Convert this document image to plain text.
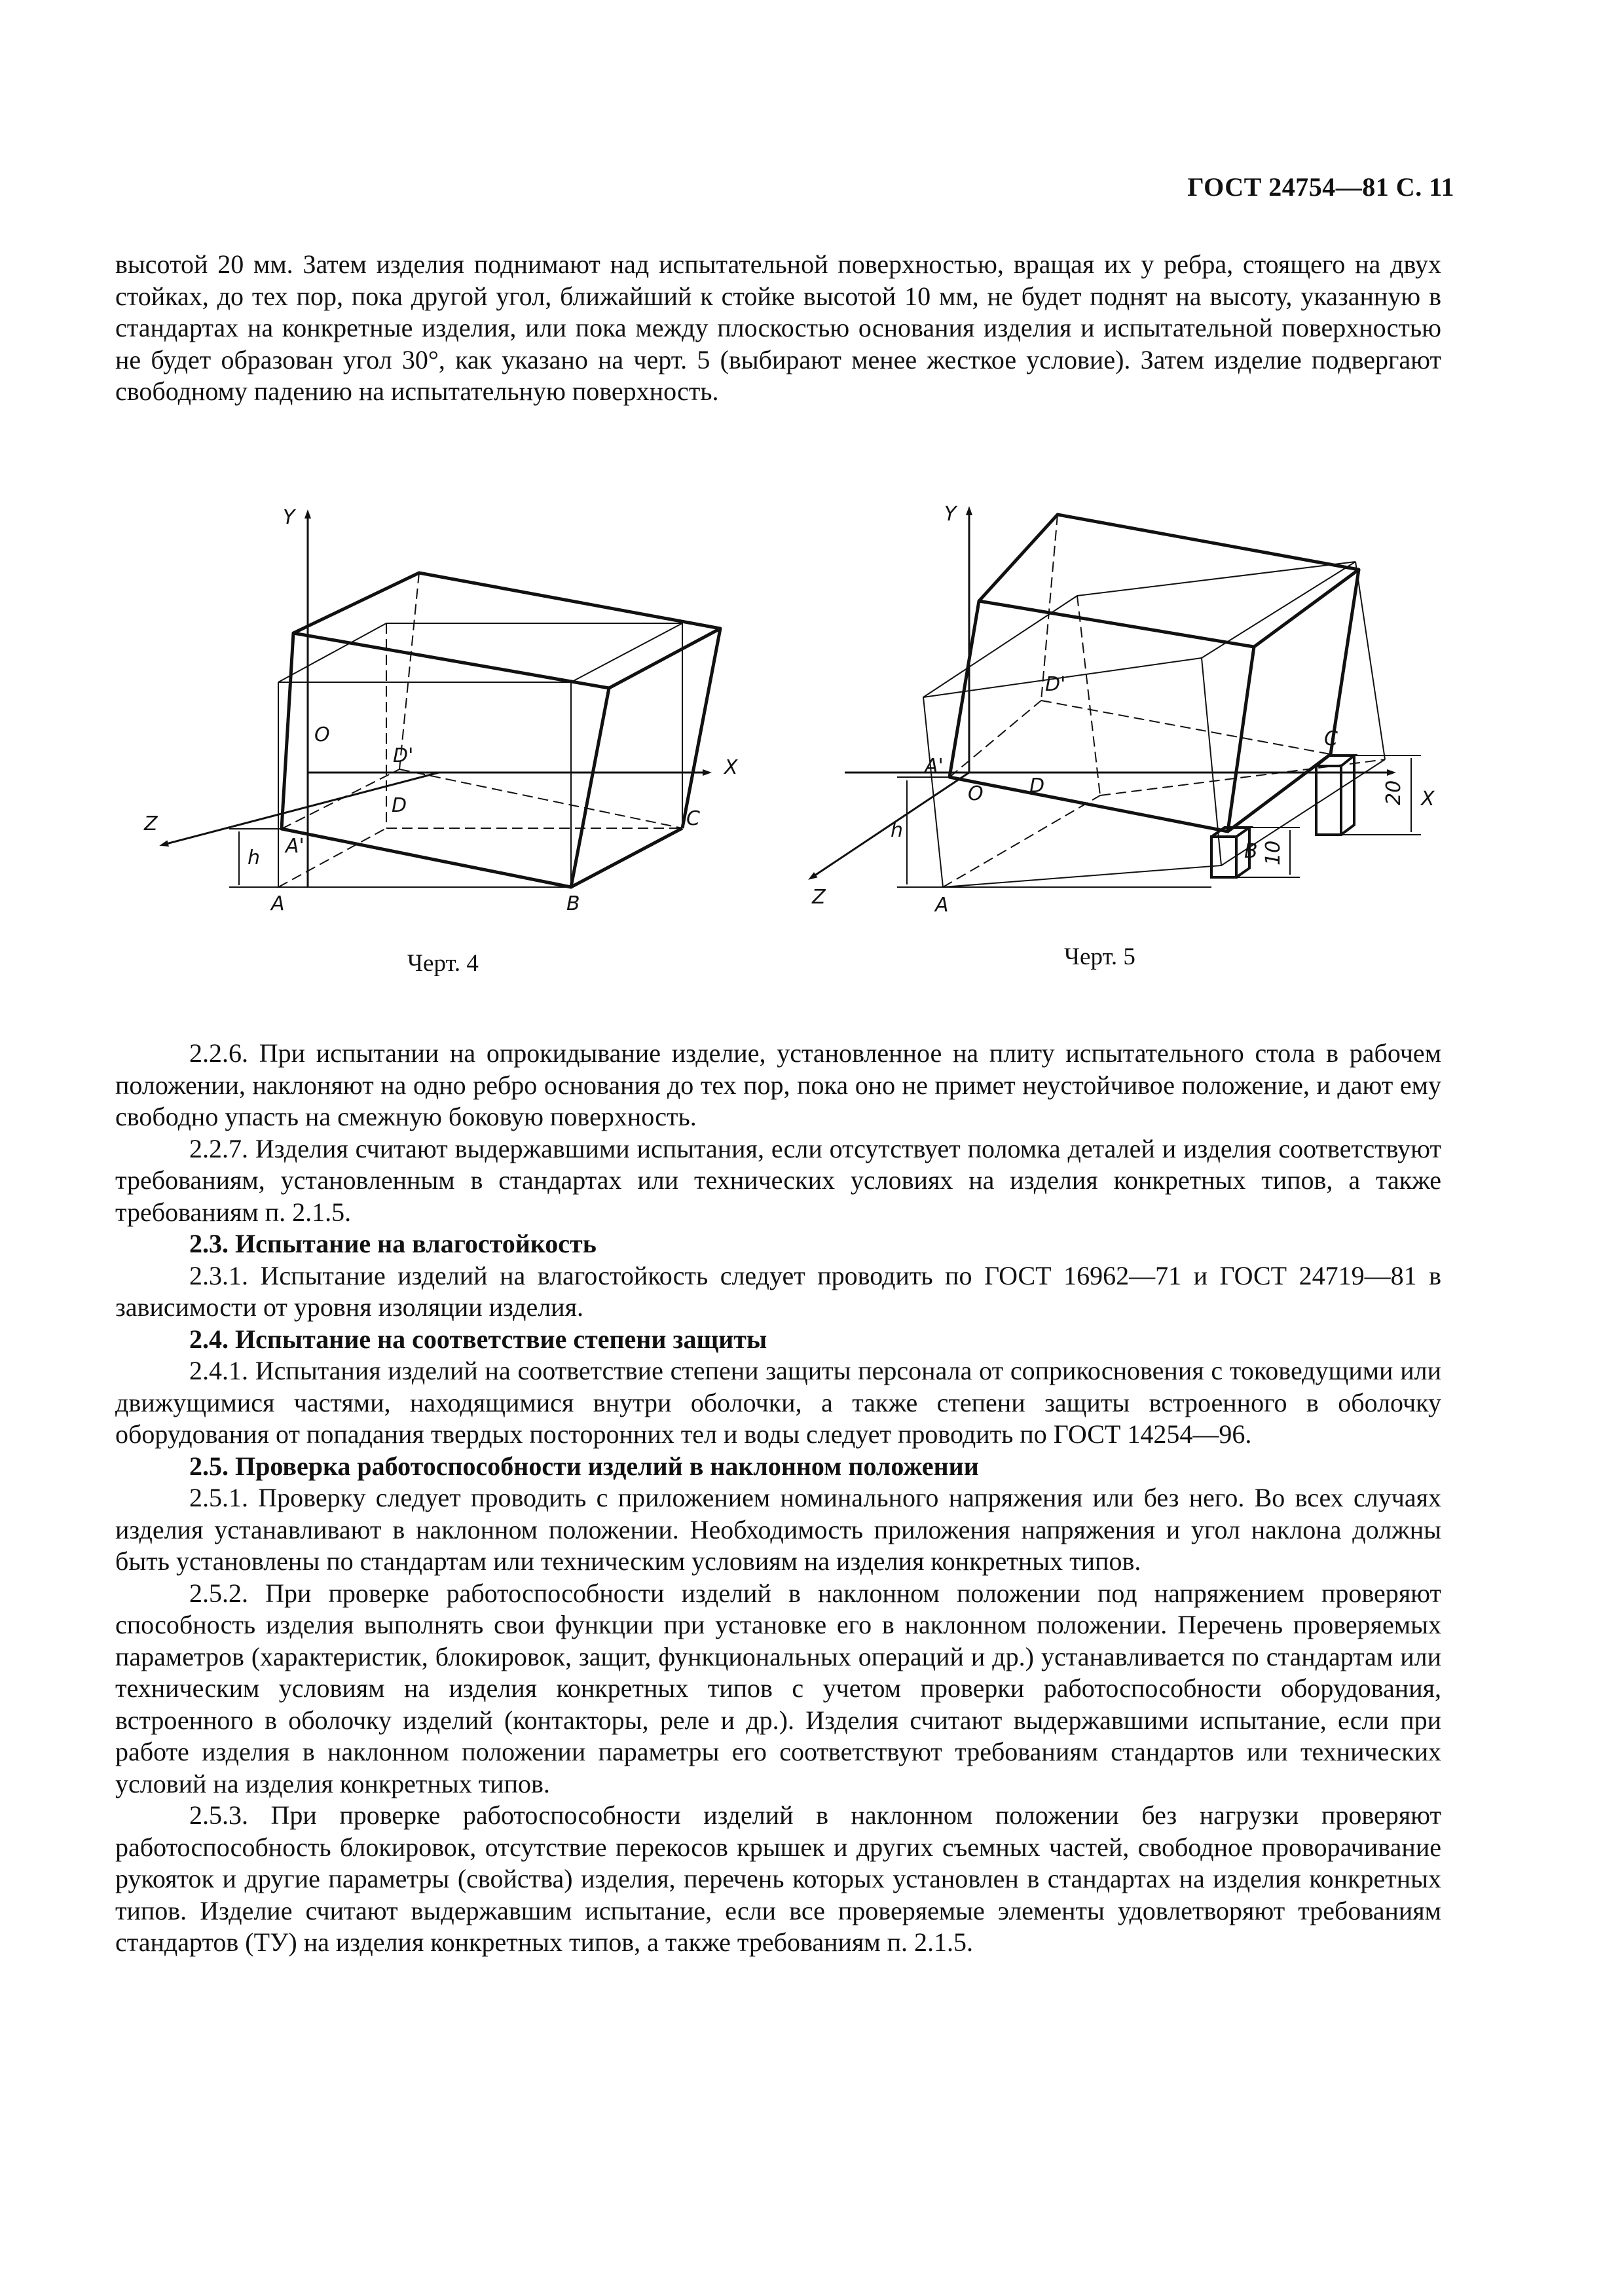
ГОСТ 24754—81 С. 11

высотой 20 мм. Затем изделия поднимают над испытательной поверхностью, вращая их у ребра, стоящего на двух стойках, до тех пор, пока другой угол, ближайший к стойке высотой 10 мм, не будет поднят на высоту, указанную в стандартах на конкретные изделия, или пока между плоскостью основания изделия и испытательной поверхностью не будет образован угол 30°, как указано на черт. 5 (выбирают менее жесткое условие). Затем изделие подвергают свободному падению на испытательную поверхность.

Y
X
Z
O
D'
D
A'
h
A	B
C
Черт. 4
Y
X
Z
D'
A'
O D
C
B
h
A
20
10
Черт. 5

2.2.6. При испытании на опрокидывание изделие, установленное на плиту испытательного стола в рабочем положении, наклоняют на одно ребро основания до тех пор, пока оно не примет неустойчивое положение, и дают ему свободно упасть на смежную боковую поверхность.

2.2.7. Изделия считают выдержавшими испытания, если отсутствует поломка деталей и изделия соответствуют требованиям, установленным в стандартах или технических условиях на изделия конкретных типов, а также требованиям п. 2.1.5.

2.3. Испытание на влагостойкость

2.3.1. Испытание изделий на влагостойкость следует проводить по ГОСТ 16962—71 и ГОСТ 24719—81 в зависимости от уровня изоляции изделия.

2.4. Испытание на соответствие степени защиты

2.4.1. Испытания изделий на соответствие степени защиты персонала от соприкосновения с токоведущими или движущимися частями, находящимися внутри оболочки, а также степени защиты встроенного в оболочку оборудования от попадания твердых посторонних тел и воды следует проводить по ГОСТ 14254—96.

2.5. Проверка работоспособности изделий в наклонном положении

2.5.1. Проверку следует проводить с приложением номинального напряжения или без него. Во всех случаях изделия устанавливают в наклонном положении. Необходимость приложения напряжения и угол наклона должны быть установлены по стандартам или техническим условиям на изделия конкретных типов.

2.5.2. При проверке работоспособности изделий в наклонном положении под напряжением проверяют способность изделия выполнять свои функции при установке его в наклонном положении. Перечень проверяемых параметров (характеристик, блокировок, защит, функциональных операций и др.) устанавливается по стандартам или техническим условиям на изделия конкретных типов с учетом проверки работоспособности оборудования, встроенного в оболочку изделий (контакторы, реле и др.). Изделия считают выдержавшими испытание, если при работе изделия в наклонном положении параметры его соответствуют требованиям стандартов или технических условий на изделия конкретных типов.

2.5.3. При проверке работоспособности изделий в наклонном положении без нагрузки проверяют работоспособность блокировок, отсутствие перекосов крышек и других съемных частей, свободное проворачивание рукояток и другие параметры (свойства) изделия, перечень которых установлен в стандартах на изделия конкретных типов. Изделие считают выдержавшим испытание, если все проверяемые элементы удовлетворяют требованиям стандартов (ТУ) на изделия конкретных типов, а также требованиям п. 2.1.5.
